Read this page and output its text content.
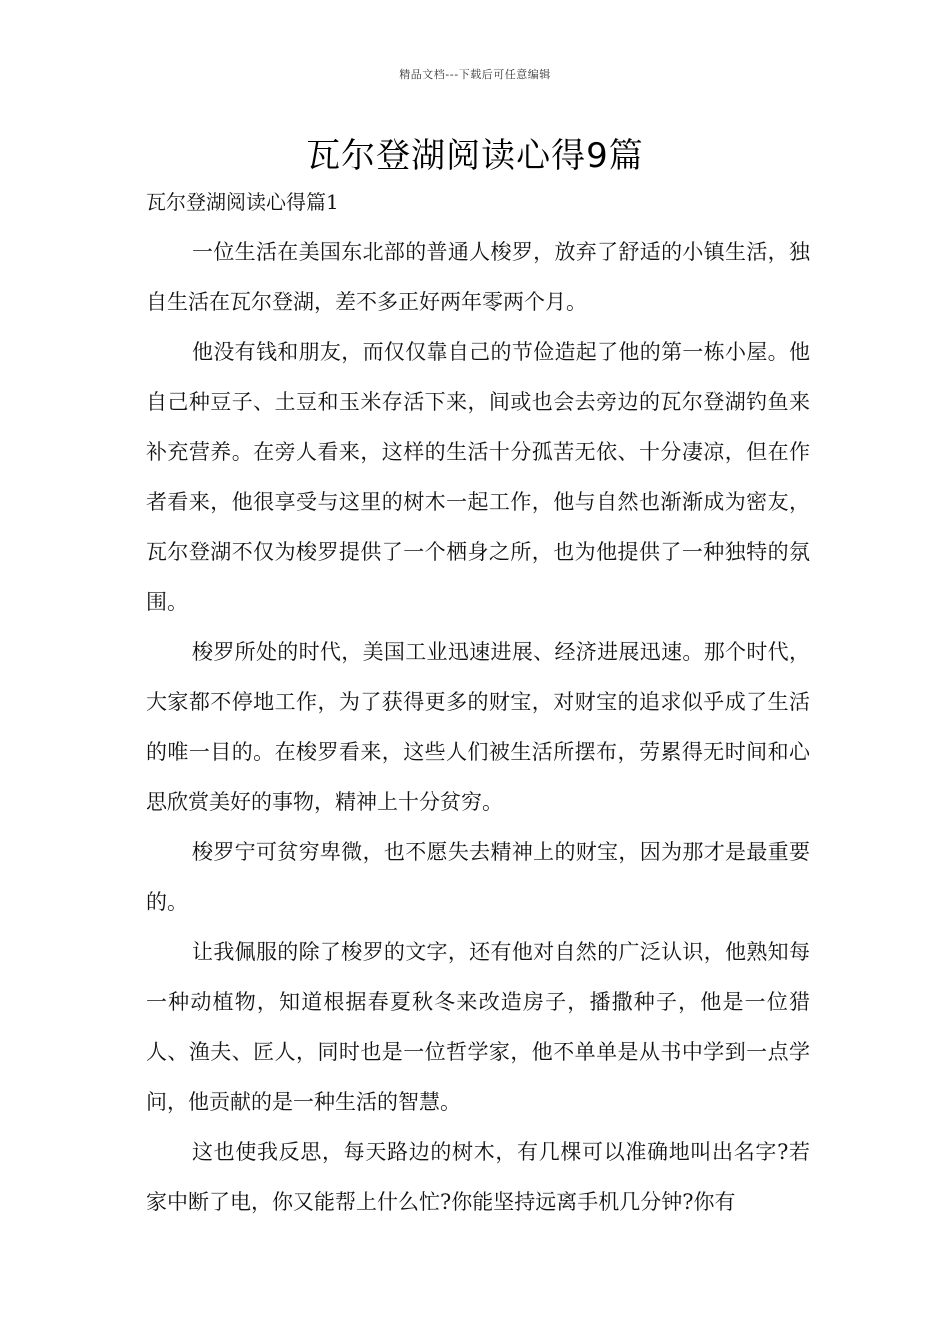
精品文档---下载后可任意编辑
瓦尔登湖阅读心得9篇
瓦尔登湖阅读心得篇1

一位生活在美国东北部的普通人梭罗，放弃了舒适的小镇生活，独自生活在瓦尔登湖，差不多正好两年零两个月。

他没有钱和朋友，而仅仅靠自己的节俭造起了他的第一栋小屋。他自己种豆子、土豆和玉米存活下来，间或也会去旁边的瓦尔登湖钓鱼来补充营养。在旁人看来，这样的生活十分孤苦无依、十分凄凉，但在作者看来，他很享受与这里的树木一起工作，他与自然也渐渐成为密友，瓦尔登湖不仅为梭罗提供了一个栖身之所，也为他提供了一种独特的氛围。

梭罗所处的时代，美国工业迅速进展、经济进展迅速。那个时代，大家都不停地工作，为了获得更多的财宝，对财宝的追求似乎成了生活的唯一目的。在梭罗看来，这些人们被生活所摆布，劳累得无时间和心思欣赏美好的事物，精神上十分贫穷。

梭罗宁可贫穷卑微，也不愿失去精神上的财宝，因为那才是最重要的。

让我佩服的除了梭罗的文字，还有他对自然的广泛认识，他熟知每一种动植物，知道根据春夏秋冬来改造房子，播撒种子，他是一位猎人、渔夫、匠人，同时也是一位哲学家，他不单单是从书中学到一点学问，他贡献的是一种生活的智慧。

这也使我反思，每天路边的树木，有几棵可以准确地叫出名字?若家中断了电，你又能帮上什么忙?你能坚持远离手机几分钟?你有
